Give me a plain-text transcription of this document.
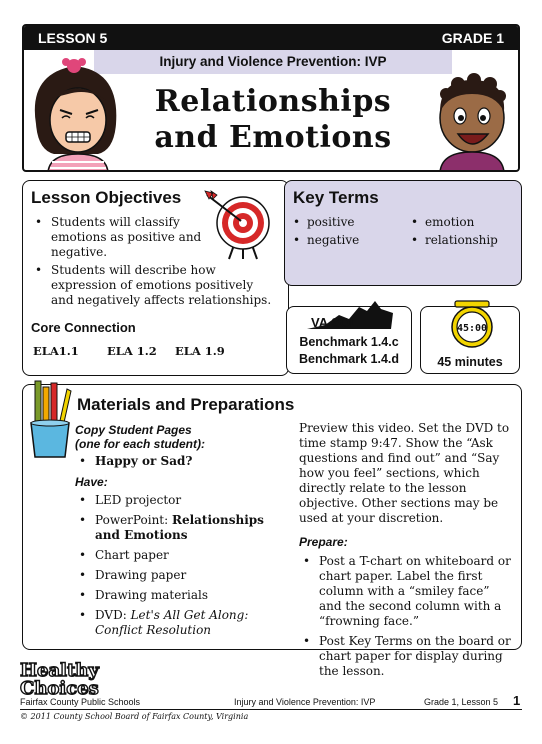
LESSON 5	GRADE 1
Injury and Violence Prevention: IVP
Relationships
and Emotions
Lesson Objectives
• Students will classify emotions as positive and negative.
• Students will describe how expression of emotions positively and negatively affects relationships.
Core Connection
ELA1.1 ELA 1.2 ELA 1.9
Key Terms
• positive
• negative
• emotion
• relationship
VA SOL
Benchmark 1.4.c
Benchmark 1.4.d
45:00
45 minutes
Materials and Preparations
Copy Student Pages
(one for each student):
• Happy or Sad?
Have:
• LED projector
• PowerPoint: Relationships and Emotions
• Chart paper
• Drawing paper
• Drawing materials
• DVD: Let's All Get Along: Conflict Resolution

Preview this video. Set the DVD to time stamp 9:47. Show the “Ask questions and find out” and “Say how you feel” sections, which directly relate to the lesson objective. Other sections may be used at your discretion.

Prepare:
• Post a T-chart on whiteboard or chart paper. Label the first column with a “smiley face” and the second column with a “frowning face.”
• Post Key Terms on the board or chart paper for display during the lesson.
Healthy
Choices
Fairfax County Public Schools	Injury and Violence Prevention: IVP	Grade 1, Lesson 5 1
© 2011 County School Board of Fairfax County, Virginia
